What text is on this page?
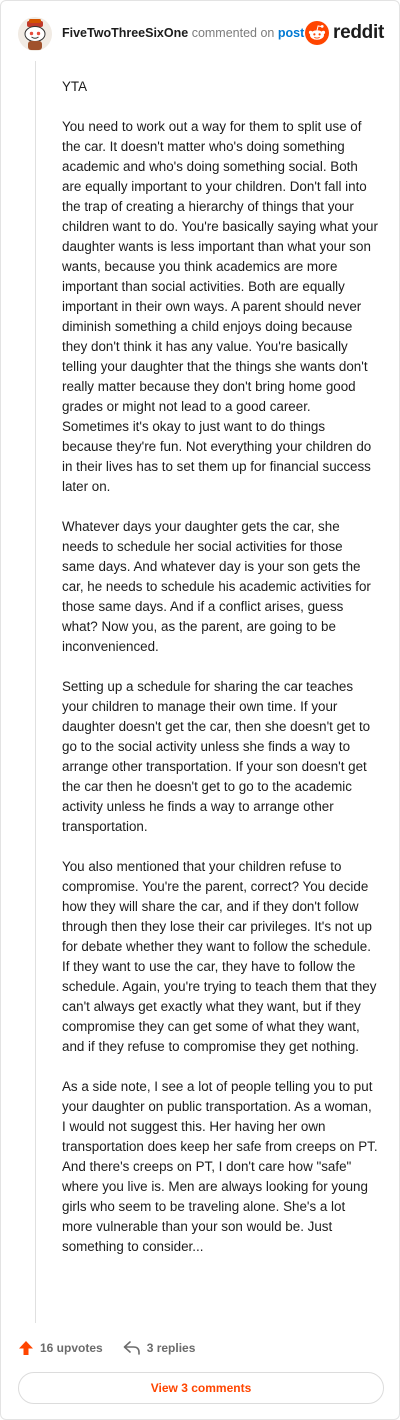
FiveTwoThreeSixOne commented on post reddit

YTA

You need to work out a way for them to split use of the car. It doesn't matter who's doing something academic and who's doing something social. Both are equally important to your children. Don't fall into the trap of creating a hierarchy of things that your children want to do. You're basically saying what your daughter wants is less important than what your son wants, because you think academics are more important than social activities. Both are equally important in their own ways. A parent should never diminish something a child enjoys doing because they don't think it has any value. You're basically telling your daughter that the things she wants don't really matter because they don't bring home good grades or might not lead to a good career. Sometimes it's okay to just want to do things because they're fun. Not everything your children do in their lives has to set them up for financial success later on.

Whatever days your daughter gets the car, she needs to schedule her social activities for those same days. And whatever day is your son gets the car, he needs to schedule his academic activities for those same days. And if a conflict arises, guess what? Now you, as the parent, are going to be inconvenienced.

Setting up a schedule for sharing the car teaches your children to manage their own time. If your daughter doesn't get the car, then she doesn't get to go to the social activity unless she finds a way to arrange other transportation. If your son doesn't get the car then he doesn't get to go to the academic activity unless he finds a way to arrange other transportation.

You also mentioned that your children refuse to compromise. You're the parent, correct? You decide how they will share the car, and if they don't follow through then they lose their car privileges. It's not up for debate whether they want to follow the schedule. If they want to use the car, they have to follow the schedule. Again, you're trying to teach them that they can't always get exactly what they want, but if they compromise they can get some of what they want, and if they refuse to compromise they get nothing.

As a side note, I see a lot of people telling you to put your daughter on public transportation. As a woman, I would not suggest this. Her having her own transportation does keep her safe from creeps on PT. And there's creeps on PT, I don't care how "safe" where you live is. Men are always looking for young girls who seem to be traveling alone. She's a lot more vulnerable than your son would be. Just something to consider...

16 upvotes	3 replies
View 3 comments
